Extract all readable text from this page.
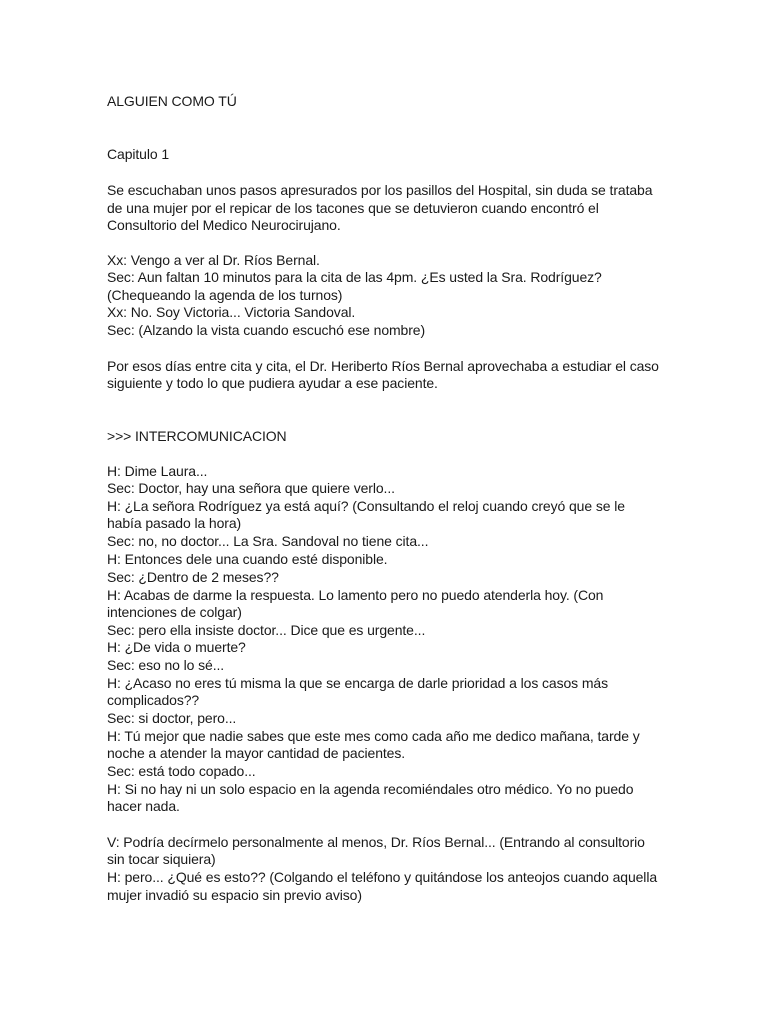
ALGUIEN COMO TÚ
Capitulo 1
Se escuchaban unos pasos apresurados por los pasillos del Hospital, sin duda se trataba
de una mujer por el repicar de los tacones que se detuvieron cuando encontró el
Consultorio del Medico Neurocirujano.
Xx: Vengo a ver al Dr. Ríos Bernal.
Sec: Aun faltan 10 minutos para la cita de las 4pm. ¿Es usted la Sra. Rodríguez?
(Chequeando la agenda de los turnos)
Xx: No. Soy Victoria... Victoria Sandoval.
Sec: (Alzando la vista cuando escuchó ese nombre)
Por esos días entre cita y cita, el Dr. Heriberto Ríos Bernal aprovechaba a estudiar el caso
siguiente y todo lo que pudiera ayudar a ese paciente.
>>> INTERCOMUNICACION
H: Dime Laura...
Sec: Doctor, hay una señora que quiere verlo...
H: ¿La señora Rodríguez ya está aquí? (Consultando el reloj cuando creyó que se le
había pasado la hora)
Sec: no, no doctor... La Sra. Sandoval no tiene cita...
H: Entonces dele una cuando esté disponible.
Sec: ¿Dentro de 2 meses??
H: Acabas de darme la respuesta. Lo lamento pero no puedo atenderla hoy. (Con
intenciones de colgar)
Sec: pero ella insiste doctor... Dice que es urgente...
H: ¿De vida o muerte?
Sec: eso no lo sé...
H: ¿Acaso no eres tú misma la que se encarga de darle prioridad a los casos más
complicados??
Sec: si doctor, pero...
H: Tú mejor que nadie sabes que este mes como cada año me dedico mañana, tarde y
noche a atender la mayor cantidad de pacientes.
Sec: está todo copado...
H: Si no hay ni un solo espacio en la agenda recomiéndales otro médico. Yo no puedo
hacer nada.
V: Podría decírmelo personalmente al menos, Dr. Ríos Bernal... (Entrando al consultorio
sin tocar siquiera)
H: pero... ¿Qué es esto?? (Colgando el teléfono y quitándose los anteojos cuando aquella
mujer invadió su espacio sin previo aviso)
